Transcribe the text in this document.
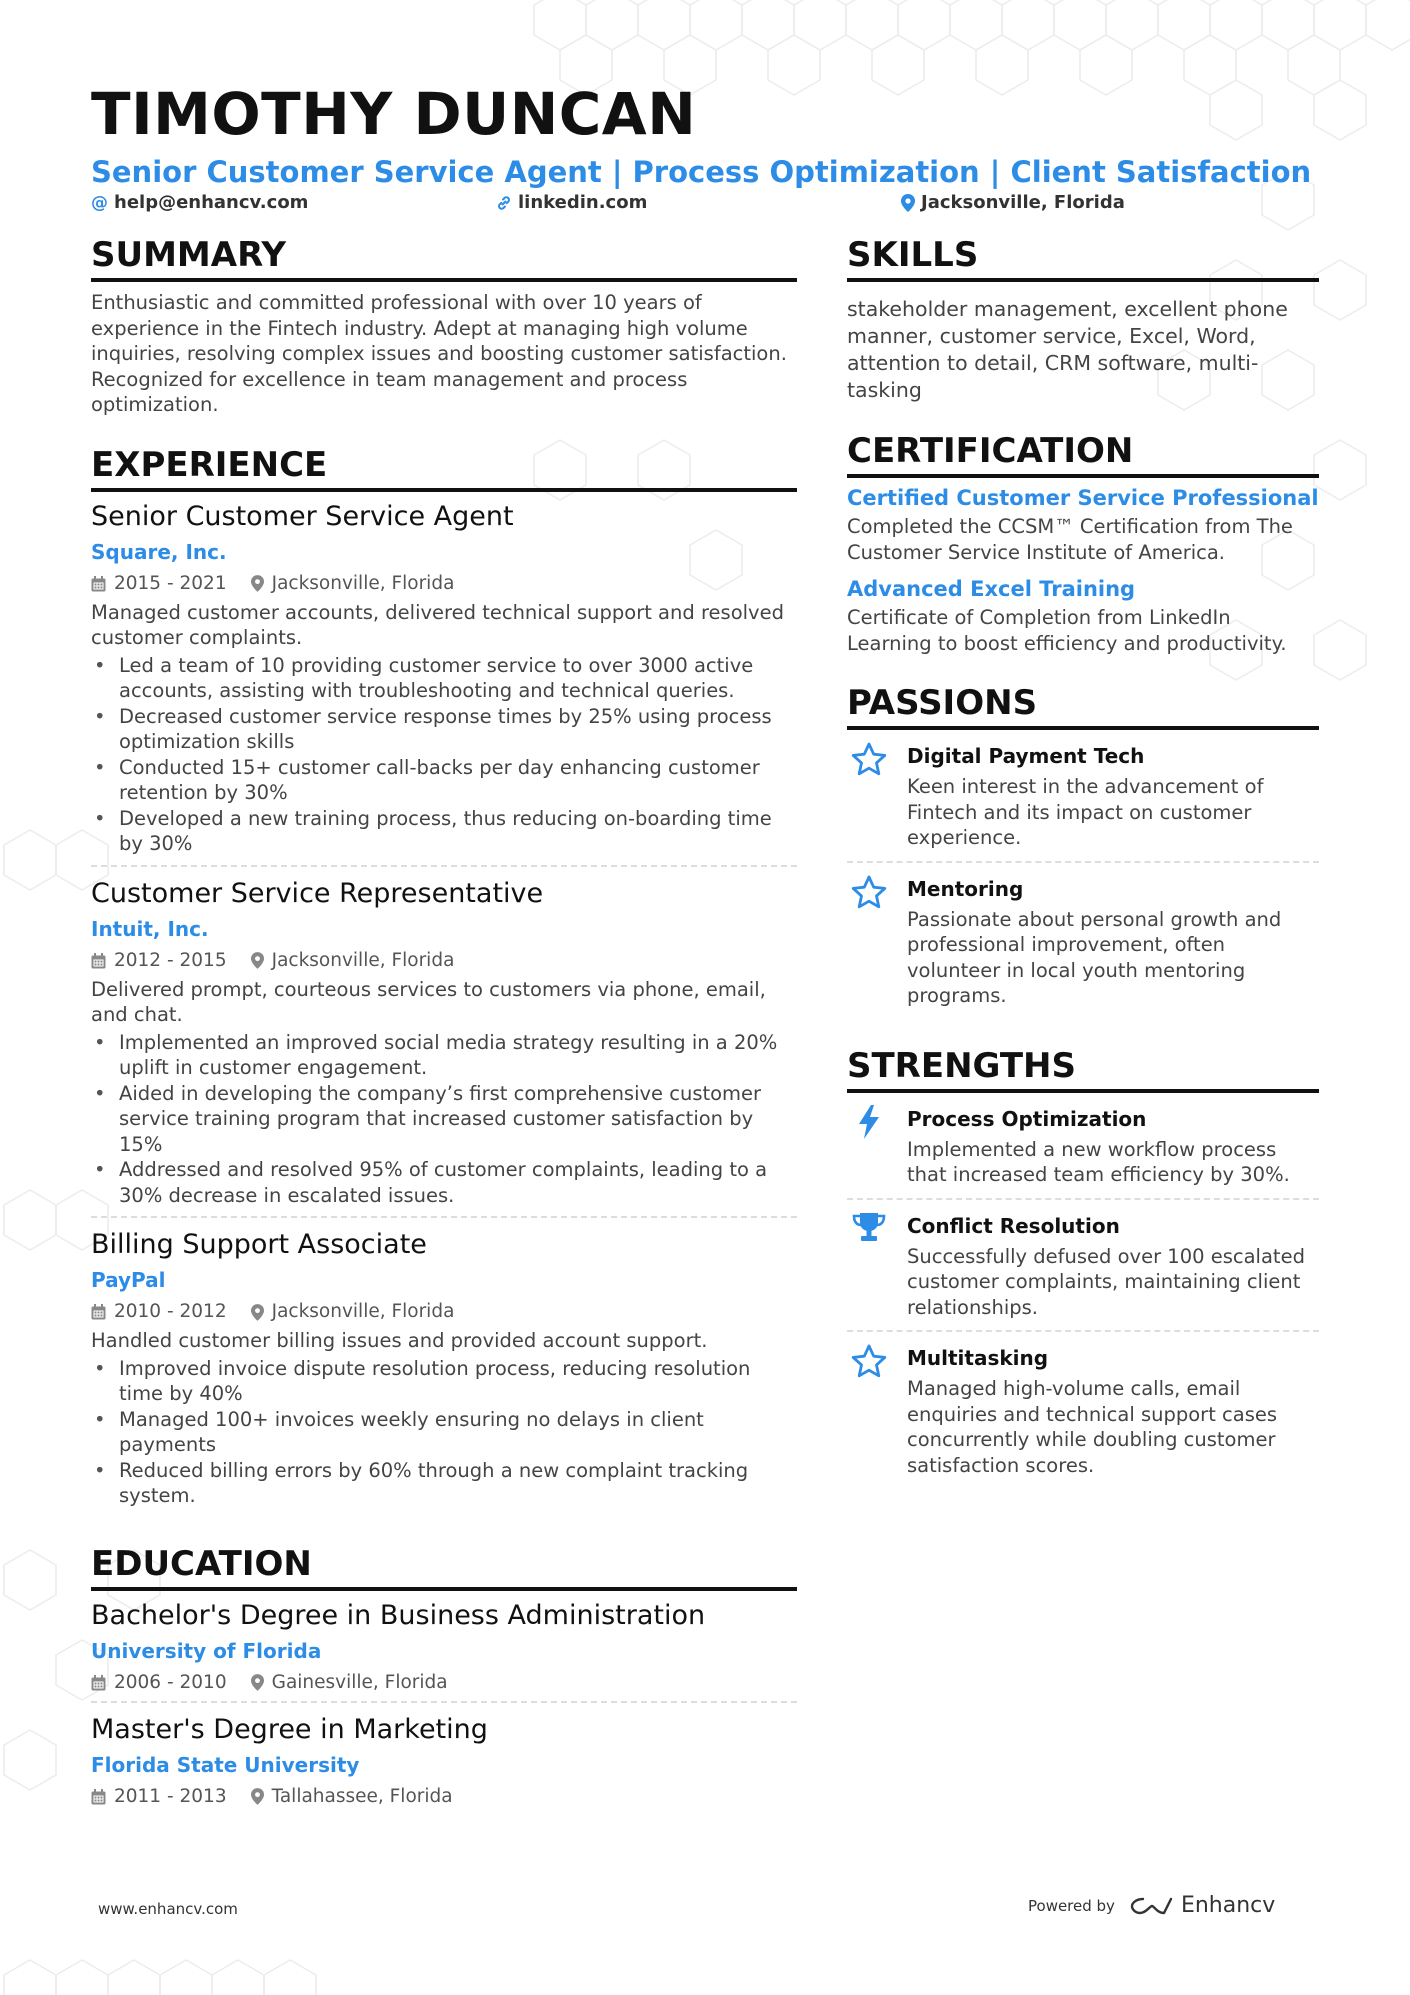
TIMOTHY DUNCAN
Senior Customer Service Agent | Process Optimization | Client Satisfaction
@ help@enhancv.com	linkedin.com	Jacksonville, Florida
SUMMARY
Enthusiastic and committed professional with over 10 years of experience in the Fintech industry. Adept at managing high volume inquiries, resolving complex issues and boosting customer satisfaction. Recognized for excellence in team management and process optimization.
EXPERIENCE
Senior Customer Service Agent
Square, Inc.
2015 - 2021 Jacksonville, Florida
Managed customer accounts, delivered technical support and resolved customer complaints.
• Led a team of 10 providing customer service to over 3000 active accounts, assisting with troubleshooting and technical queries.
• Decreased customer service response times by 25% using process optimization skills
• Conducted 15+ customer call-backs per day enhancing customer retention by 30%
• Developed a new training process, thus reducing on-boarding time by 30%
Customer Service Representative
Intuit, Inc.
2012 - 2015 Jacksonville, Florida
Delivered prompt, courteous services to customers via phone, email, and chat.
• Implemented an improved social media strategy resulting in a 20% uplift in customer engagement.
• Aided in developing the company’s first comprehensive customer service training program that increased customer satisfaction by 15%
• Addressed and resolved 95% of customer complaints, leading to a 30% decrease in escalated issues.
Billing Support Associate
PayPal
2010 - 2012 Jacksonville, Florida
Handled customer billing issues and provided account support.
• Improved invoice dispute resolution process, reducing resolution time by 40%
• Managed 100+ invoices weekly ensuring no delays in client payments
• Reduced billing errors by 60% through a new complaint tracking system.
EDUCATION
Bachelor's Degree in Business Administration
University of Florida
2006 - 2010 Gainesville, Florida
Master's Degree in Marketing
Florida State University
2011 - 2013 Tallahassee, Florida
SKILLS
stakeholder management, excellent phone manner, customer service, Excel, Word, attention to detail, CRM software, multi-tasking
CERTIFICATION
Certified Customer Service Professional
Completed the CCSM™ Certification from The Customer Service Institute of America.
Advanced Excel Training
Certificate of Completion from LinkedIn Learning to boost efficiency and productivity.
PASSIONS
Digital Payment Tech
Keen interest in the advancement of Fintech and its impact on customer experience.
Mentoring
Passionate about personal growth and professional improvement, often volunteer in local youth mentoring programs.
STRENGTHS
Process Optimization
Implemented a new workflow process that increased team efficiency by 30%.
Conflict Resolution
Successfully defused over 100 escalated customer complaints, maintaining client relationships.
Multitasking
Managed high-volume calls, email enquiries and technical support cases concurrently while doubling customer satisfaction scores.
www.enhancv.com	Powered by	Enhancv
